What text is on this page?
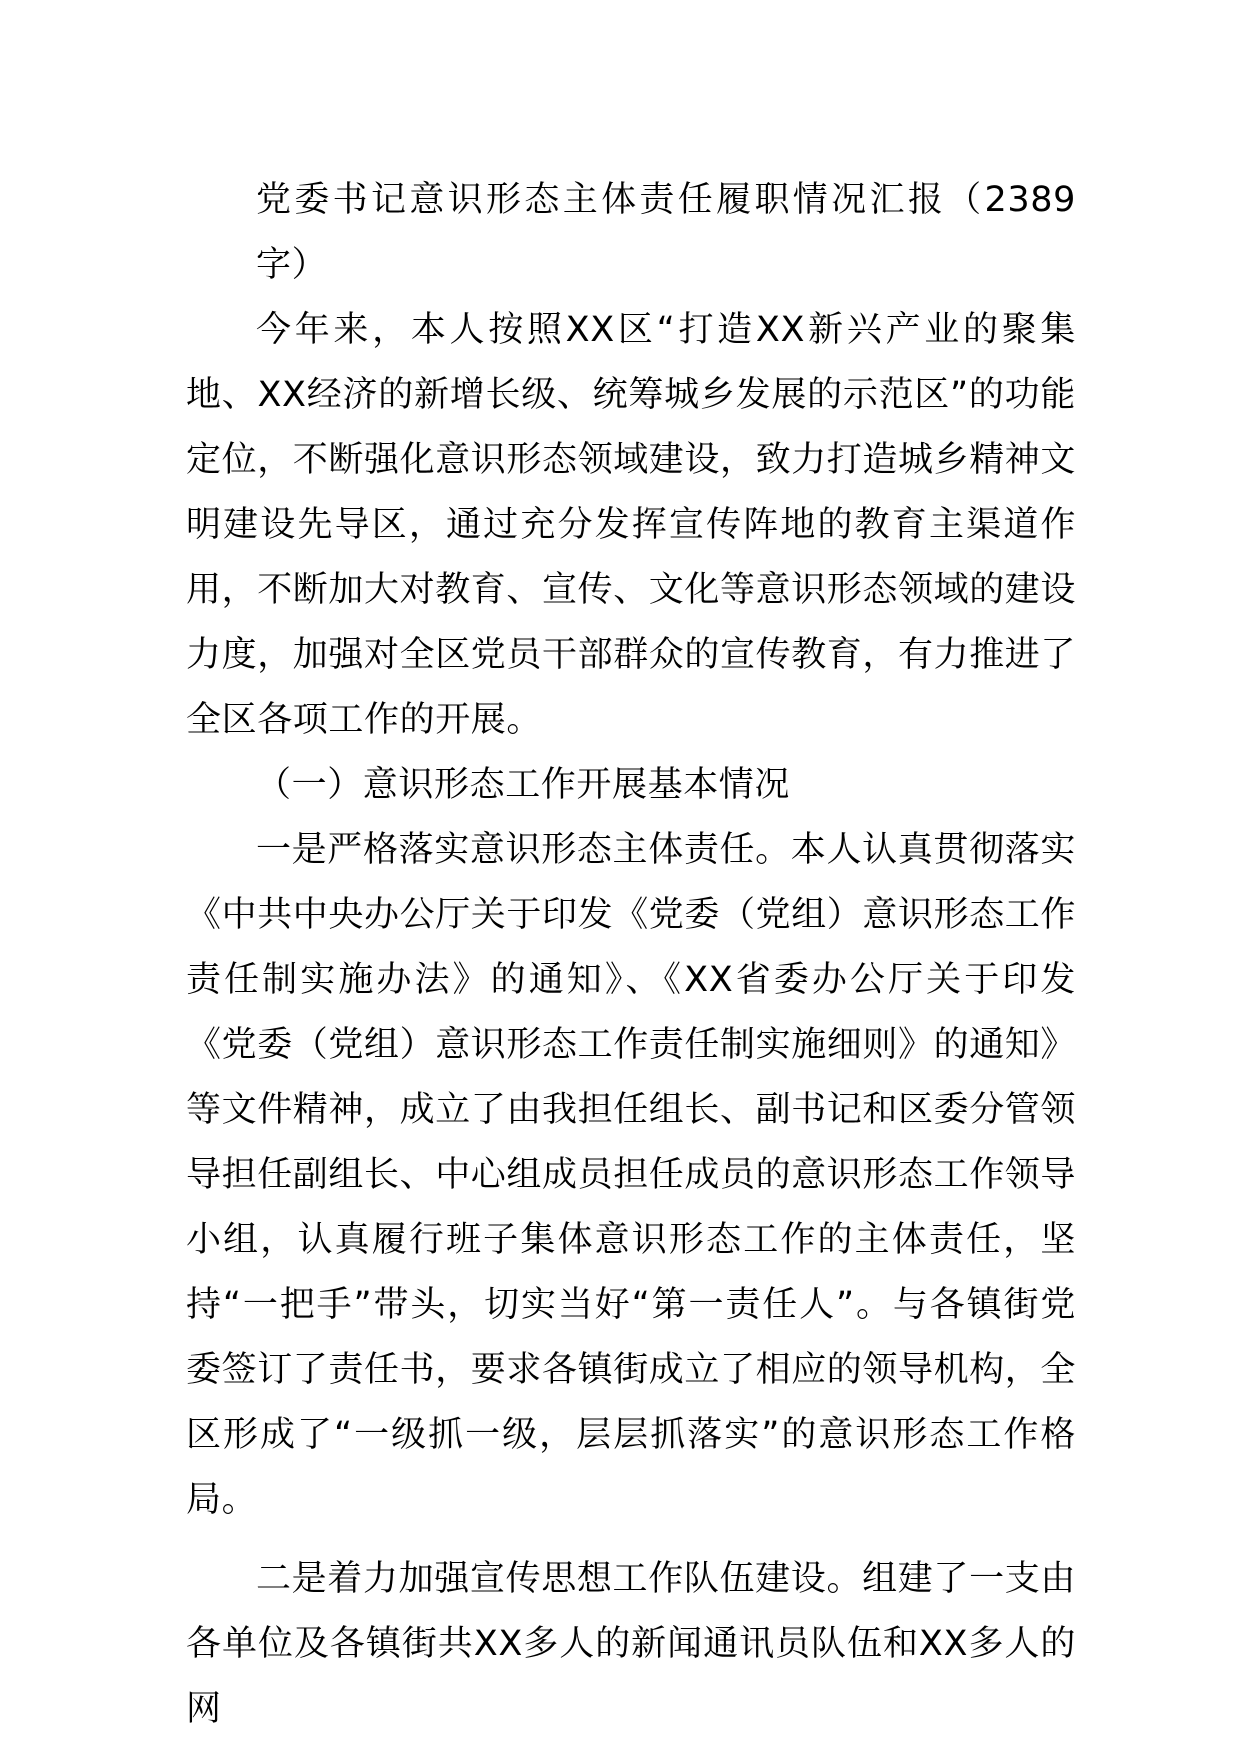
党委书记意识形态主体责任履职情况汇报（2389字）

今年来，本人按照XX区“打造XX新兴产业的聚集地、XX经济的新增长级、统筹城乡发展的示范区”的功能定位，不断强化意识形态领域建设，致力打造城乡精神文明建设先导区，通过充分发挥宣传阵地的教育主渠道作用，不断加大对教育、宣传、文化等意识形态领域的建设力度，加强对全区党员干部群众的宣传教育，有力推进了全区各项工作的开展。

（一）意识形态工作开展基本情况

一是严格落实意识形态主体责任。本人认真贯彻落实《中共中央办公厅关于印发《党委（党组）意识形态工作责任制实施办法》的通知》、《XX省委办公厅关于印发《党委（党组）意识形态工作责任制实施细则》的通知》等文件精神，成立了由我担任组长、副书记和区委分管领导担任副组长、中心组成员担任成员的意识形态工作领导小组，认真履行班子集体意识形态工作的主体责任，坚持“一把手”带头，切实当好“第一责任人”。与各镇街党委签订了责任书，要求各镇街成立了相应的领导机构，全区形成了“一级抓一级，层层抓落实”的意识形态工作格局。

二是着力加强宣传思想工作队伍建设。组建了一支由各单位及各镇街共XX多人的新闻通讯员队伍和XX多人的网
